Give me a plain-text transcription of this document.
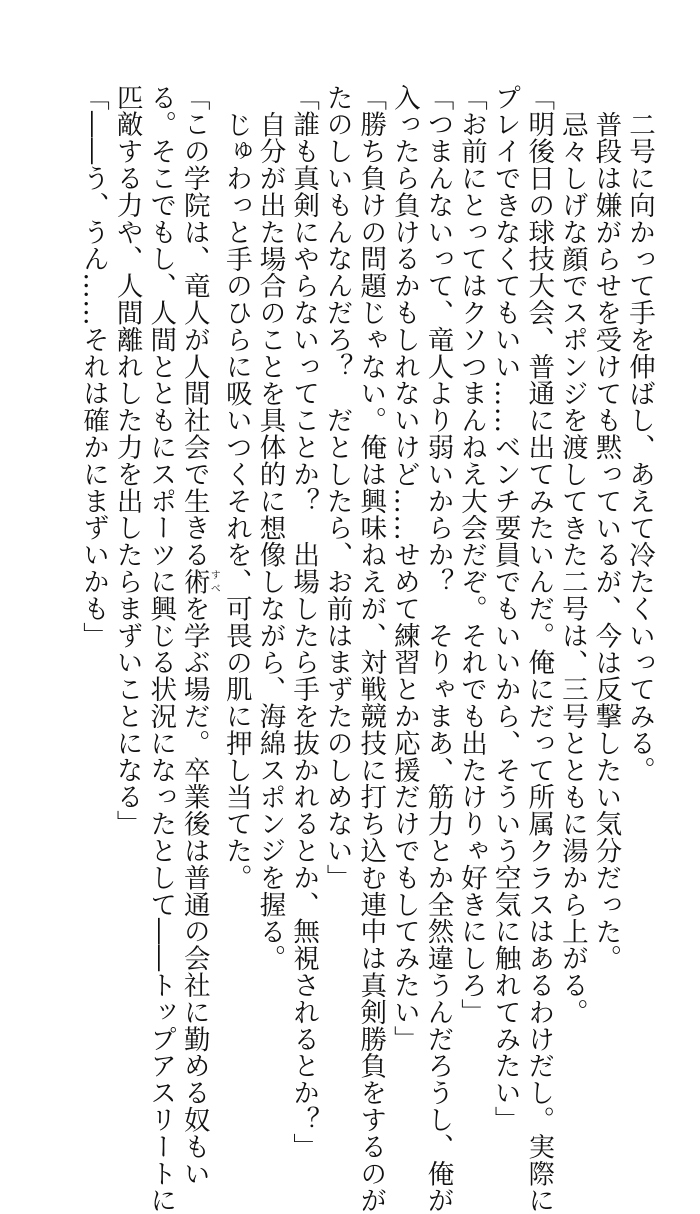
二号に向かって手を伸ばし、あえて冷たくいってみる。
普段は嫌がらせを受けても黙っているが、今は反撃したい気分だった。
忌々しげな顔でスポンジを渡してきた二号は、三号とともに湯から上がる。
「明後日の球技大会、普通に出てみたいんだ。俺にだって所属クラスはあるわけだし。実際に
プレイできなくてもいい……ベンチ要員でもいいから、そういう空気に触れてみたい」
「お前にとってはクソつまんねえ大会だぞ。それでも出たけりゃ好きにしろ」
「つまんないって、竜人より弱いからか？　そりゃまあ、筋力とか全然違うんだろうし、俺が
入ったら負けるかもしれないけど……せめて練習とか応援だけでもしてみたい」
「勝ち負けの問題じゃない。俺は興味ねえが、対戦競技に打ち込む連中は真剣勝負をするのが
たのしいもんなんだろ？　だとしたら、お前はまずたのしめない」
「誰も真剣にやらないってことか？　出場したら手を抜かれるとか、無視されるとか？」
自分が出た場合のことを具体的に想像しながら、海綿スポンジを握る。
じゅわっと手のひらに吸いつくそれを、可畏の肌に押し当てた。
「この学院は、竜人が人間社会で生きる術すべを学ぶ場だ。卒業後は普通の会社に勤める奴もい
る。そこでもし、人間とともにスポーツに興じる状況になったとして――トップアスリートに
匹敵する力や、人間離れした力を出したらまずいことになる」
「――う、うん……それは確かにまずいかも」
